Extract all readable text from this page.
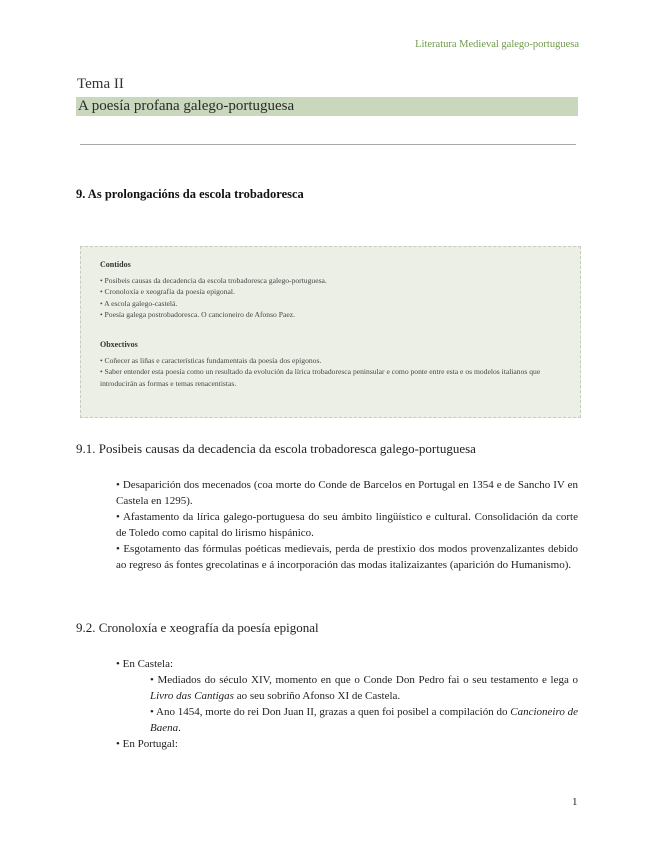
Literatura Medieval galego-portuguesa
Tema II
A poesía profana galego-portuguesa
9. As prolongacións da escola trobadoresca
Contidos
• Posibeis causas da decadencia da escola trobadoresca galego-portuguesa.
• Cronoloxía e xeografía da poesía epigonal.
• A escola galego-castelá.
• Poesía galega postrobadoresca. O cancioneiro de Afonso Paez.
Obxectivos
• Coñecer as liñas e características fundamentais da poesía dos epígonos.
• Saber entender esta poesía como un resultado da evolución da lírica trobadoresca peninsular e como ponte entre esta e os modelos italianos que introducirán as formas e temas renacentistas.
9.1. Posibeis causas da decadencia da escola trobadoresca galego-portuguesa

• Desaparición dos mecenados (coa morte do Conde de Barcelos en Portugal en 1354 e de Sancho IV en Castela en 1295).

• Afastamento da lírica galego-portuguesa do seu ámbito lingüístico e cultural. Consolidación da corte de Toledo como capital do lirismo hispánico.

• Esgotamento das fórmulas poéticas medievais, perda de prestixio dos modos provenzalizantes debido ao regreso ás fontes grecolatinas e á incorporación das modas italizaizantes (aparición do Humanismo).

9.2. Cronoloxía e xeografía da poesía epigonal

• En Castela:

• Mediados do século XIV, momento en que o Conde Don Pedro fai o seu testamento e lega o Livro das Cantigas ao seu sobriño Afonso XI de Castela.

• Ano 1454, morte do rei Don Juan II, grazas a quen foi posibel a compilación do Cancioneiro de Baena.

• En Portugal:

1
